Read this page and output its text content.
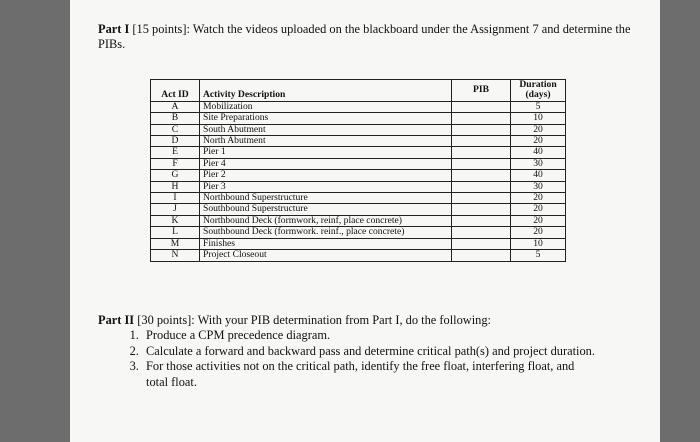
Part I [15 points]: Watch the videos uploaded on the blackboard under the Assignment 7 and determine the PIBs.
Act ID	Activity Description	PIB	Duration
(days)

A	Mobilization		5
B	Site Preparations		10
C	South Abutment		20
D	North Abutment		20
E	Pier 1		40
F	Pier 4		30
G	Pier 2		40
H	Pier 3		30
I	Northbound Superstructure		20
J	Southbound Superstructure		20
K	Northbound Deck (formwork, reinf, place concrete)		20
L	Southbound Deck (formwork. reinf., place concrete)		20
M	Finishes		10
N	Project Closeout		5
Part II [30 points]: With your PIB determination from Part I, do the following:
1. Produce a CPM precedence diagram.
2. Calculate a forward and backward pass and determine critical path(s) and project duration.
3. For those activities not on the critical path, identify the free float, interfering float, and total float.
